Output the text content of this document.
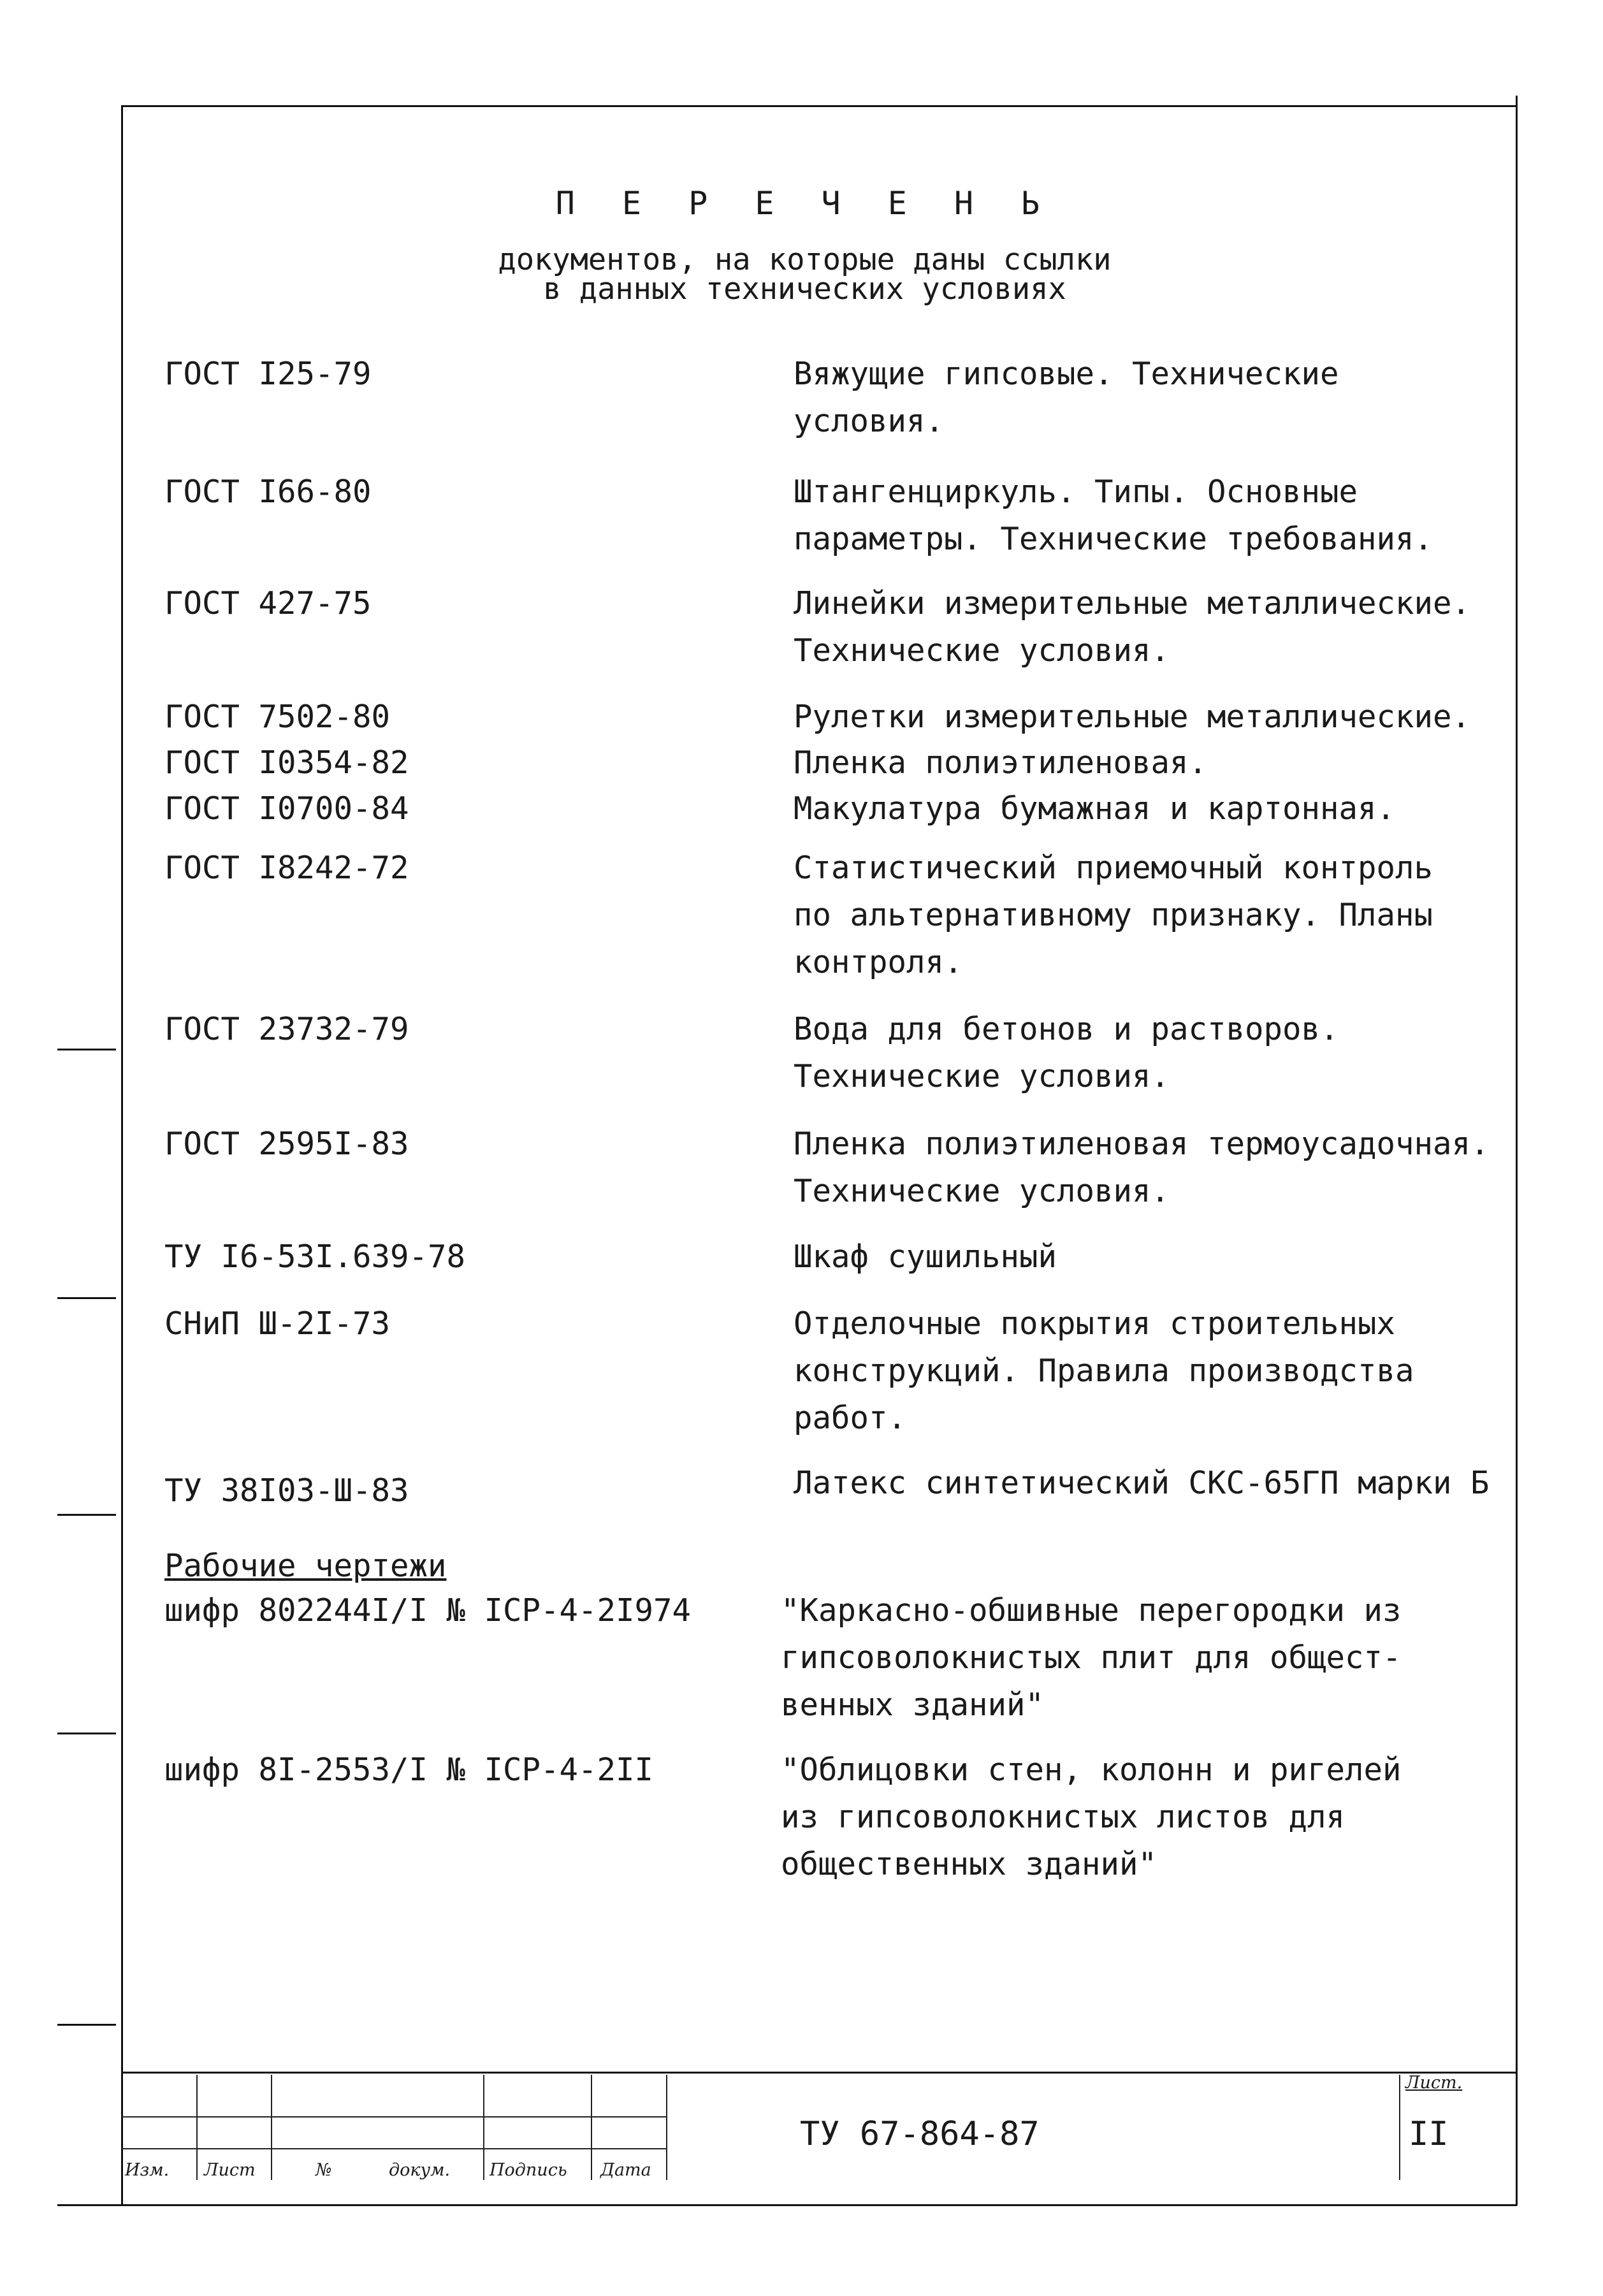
П Е Р Е Ч Е Н Ь
документов, на которые даны ссылки
в данных технических условиях
ГОСТ I25-79	Вяжущие гипсовые. Технические
условия.
ГОСТ I66-80	Штангенциркуль. Типы. Основные
параметры. Технические требования.
ГОСТ 427-75	Линейки измерительные металлические.
Технические условия.
ГОСТ 7502-80	Рулетки измерительные металлические.
ГОСТ I0354-82	Пленка полиэтиленовая.
ГОСТ I0700-84	Макулатура бумажная и картонная.
ГОСТ I8242-72	Статистический приемочный контроль
по альтернативному признаку. Планы
контроля.
ГОСТ 23732-79	Вода для бетонов и растворов.
Технические условия.
ГОСТ 2595I-83	Пленка полиэтиленовая термоусадочная.
Технические условия.
ТУ I6-53I.639-78	Шкаф сушильный
СНиП Ш-2I-73	Отделочные покрытия строительных
конструкций. Правила производства
работ.
ТУ 38I03-Ш-83	Латекс синтетический СКС-65ГП марки Б
Рабочие чертежи
шифр 802244I/I № ICP-4-2I974	"Каркасно-обшивные перегородки из
гипсоволокнистых плит для общест-
венных зданий"
шифр 8I-2553/I № ICP-4-2II	"Облицовки стен, колонн и ригелей
из гипсоволокнистых листов для
общественных зданий"
Изм. Лист	№	докум. Подпись Дата
ТУ 67-864-87
Лист.
II
